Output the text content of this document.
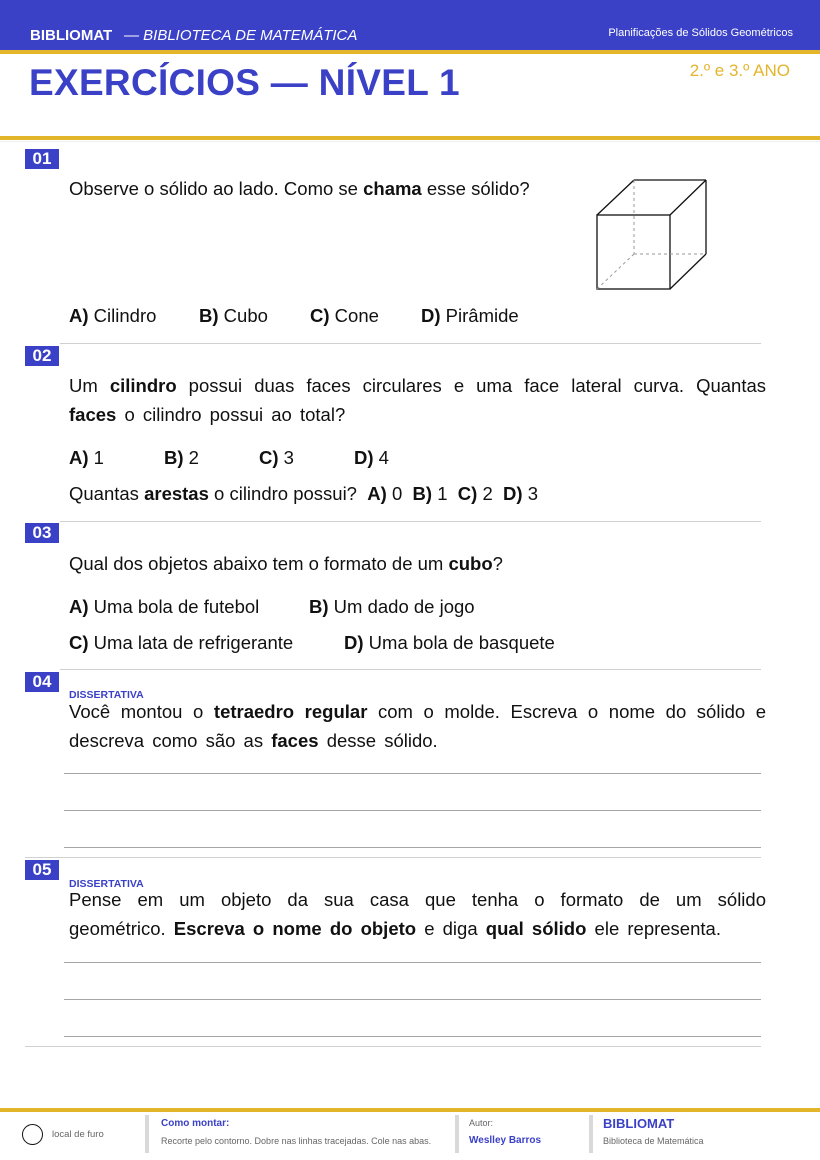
BIBLIOMAT — BIBLIOTECA DE MATEMÁTICA	Planificações de Sólidos Geométricos
EXERCÍCIOS — NÍVEL 1	2.º e 3.º ANO
01
Observe o sólido ao lado. Como se chama esse sólido?
A) Cilindro B) Cubo C) Cone D) Pirâmide
02
Um cilindro possui duas faces circulares e uma face lateral curva. Quantas faces o cilindro possui ao total?
A) 1	B) 2	C) 3	D) 4
Quantas arestas o cilindro possui? A) 0 B) 1 C) 2 D) 3
03
Qual dos objetos abaixo tem o formato de um cubo?
A) Uma bola de futebol	B) Um dado de jogo
C) Uma lata de refrigerante	D) Uma bola de basquete
04
DISSERTATIVA
Você montou o tetraedro regular com o molde. Escreva o nome do sólido e descreva como são as faces desse sólido.
05
DISSERTATIVA
Pense em um objeto da sua casa que tenha o formato de um sólido geométrico. Escreva o nome do objeto e diga qual sólido ele representa.
local de furo
Como montar:
Recorte pelo contorno. Dobre nas linhas tracejadas. Cole nas abas.
Autor:
Weslley Barros
BIBLIOMAT
Biblioteca de Matemática
